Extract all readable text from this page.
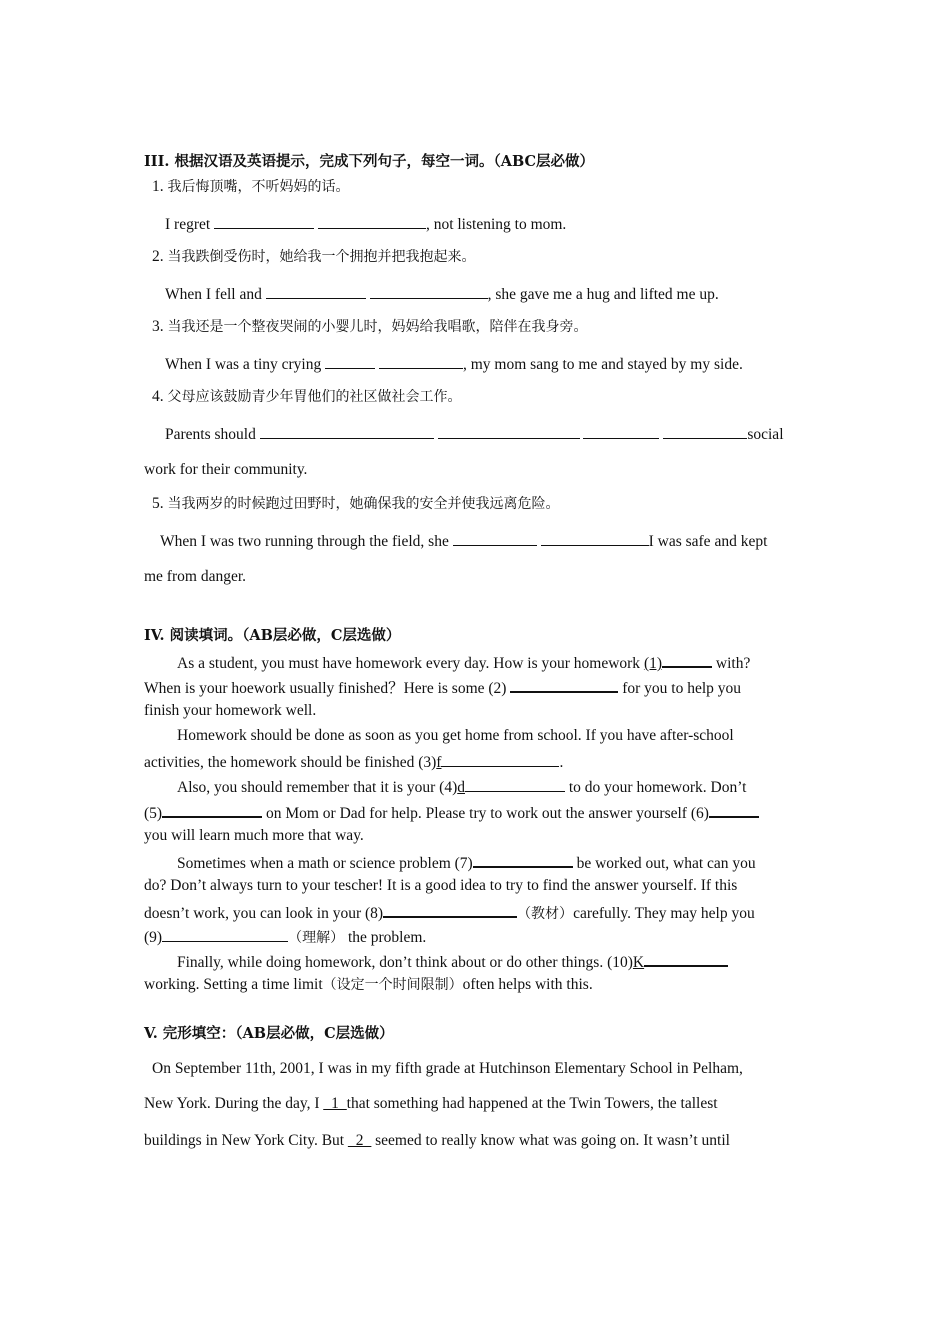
III. 根据汉语及英语提示，完成下列句子，每空一词。（ABC层必做）
1. 我后悔顶嘴，不听妈妈的话。
I regret	, not listening to mom.
2. 当我跌倒受伤时，她给我一个拥抱并把我抱起来。
When I fell and	, she gave me a hug and lifted me up.
3. 当我还是一个整夜哭闹的小婴儿时，妈妈给我唱歌，陪伴在我身旁。
When I was a tiny crying	, my mom sang to me and stayed by my side.
4. 父母应该鼓励青少年胃他们的社区做社会工作。
Parents should	social
work for their community.
5. 当我两岁的时候跑过田野时，她确保我的安全并使我远离危险。
When I was two running through the field, she	I was safe and kept
me from danger.
IV. 阅读填词。（AB层必做，C层选做）
As a student, you must have homework every day. How is your homework (1)	with?
When is your hoework usually finished？Here is some (2)	for you to help you
finish your homework well.
Homework should be done as soon as you get home from school. If you have after-school
activities, the homework should be finished (3)f	.
Also, you should remember that it is your (4)d	to do your homework. Don’t
(5)	on Mom or Dad for help. Please try to work out the answer yourself (6)
you will learn much more that way.
Sometimes when a math or science problem (7)	be worked out, what can you
do? Don’t always turn to your tescher! It is a good idea to try to find the answer yourself. If this
doesn’t work, you can look in your (8)	（教材）carefully. They may help you
(9)	（理解） the problem.
Finally, while doing homework, don’t think about or do other things. (10)K
working. Setting a time limit（设定一个时间限制）often helps with this.
V. 完形填空：（AB层必做，C层选做）
On September 11th, 2001, I was in my fifth grade at Hutchinson Elementary School in Pelham,
New York. During the day, I _1_that something had happened at the Twin Towers, the tallest
buildings in New York City. But _2_ seemed to really know what was going on. It wasn’t until
